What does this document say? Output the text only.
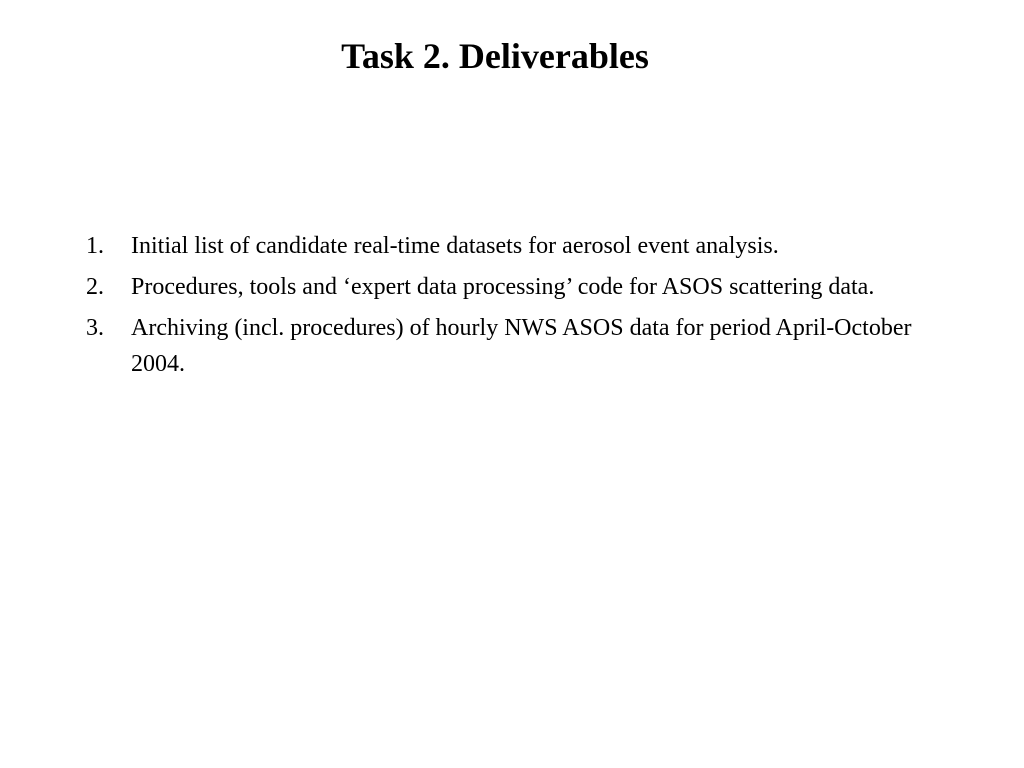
Task 2. Deliverables
1.	Initial list of candidate real-time datasets for aerosol event analysis.
2.	Procedures, tools and ‘expert data processing’ code for ASOS scattering data.
3.	Archiving (incl. procedures) of hourly NWS ASOS data for period April-October 2004.
